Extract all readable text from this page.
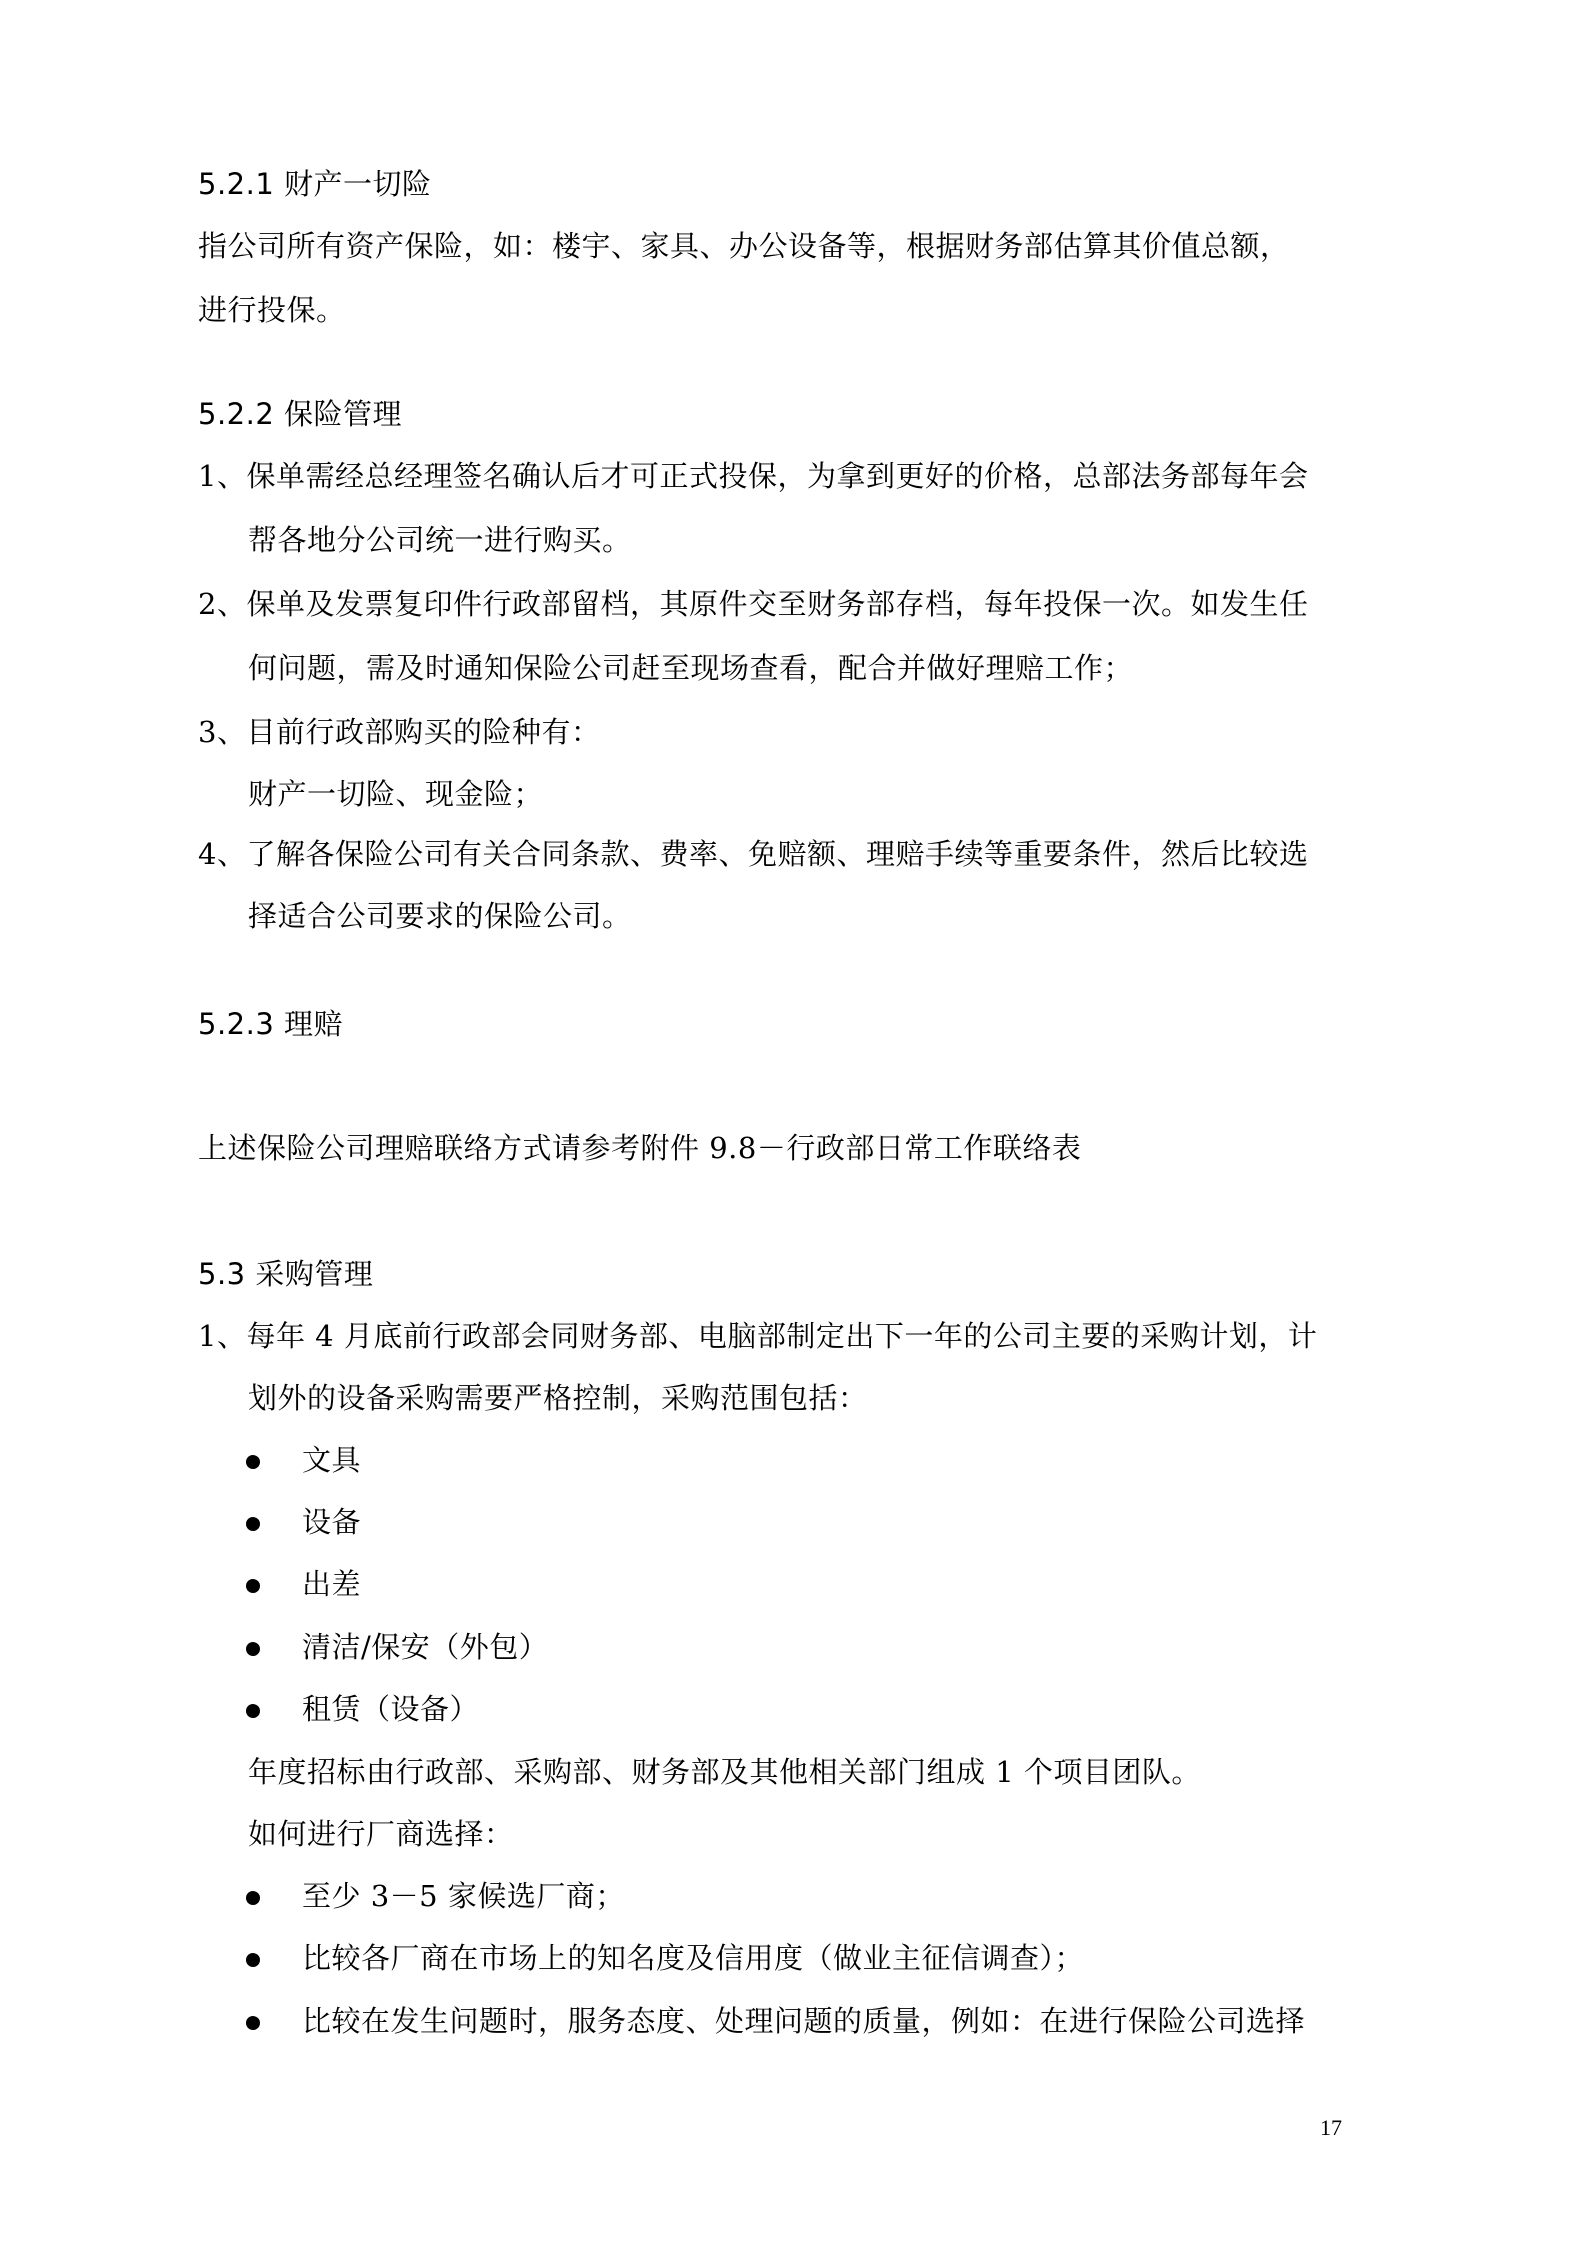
5.2.1 财产一切险
指公司所有资产保险，如：楼宇、家具、办公设备等，根据财务部估算其价值总额，
进行投保。
5.2.2 保险管理
1、保单需经总经理签名确认后才可正式投保，为拿到更好的价格，总部法务部每年会
帮各地分公司统一进行购买。
2、保单及发票复印件行政部留档，其原件交至财务部存档，每年投保一次。如发生任
何问题，需及时通知保险公司赶至现场查看，配合并做好理赔工作；
3、目前行政部购买的险种有：
财产一切险、现金险；
4、了解各保险公司有关合同条款、费率、免赔额、理赔手续等重要条件，然后比较选
择适合公司要求的保险公司。
5.2.3 理赔
上述保险公司理赔联络方式请参考附件 9.8－行政部日常工作联络表
5.3 采购管理
1、每年 4 月底前行政部会同财务部、电脑部制定出下一年的公司主要的采购计划，计
划外的设备采购需要严格控制，采购范围包括：
文具
设备
出差
清洁/保安（外包）
租赁（设备）
年度招标由行政部、采购部、财务部及其他相关部门组成 1 个项目团队。
如何进行厂商选择：
至少 3－5 家候选厂商；
比较各厂商在市场上的知名度及信用度（做业主征信调查）；
比较在发生问题时，服务态度、处理问题的质量，例如：在进行保险公司选择
17
